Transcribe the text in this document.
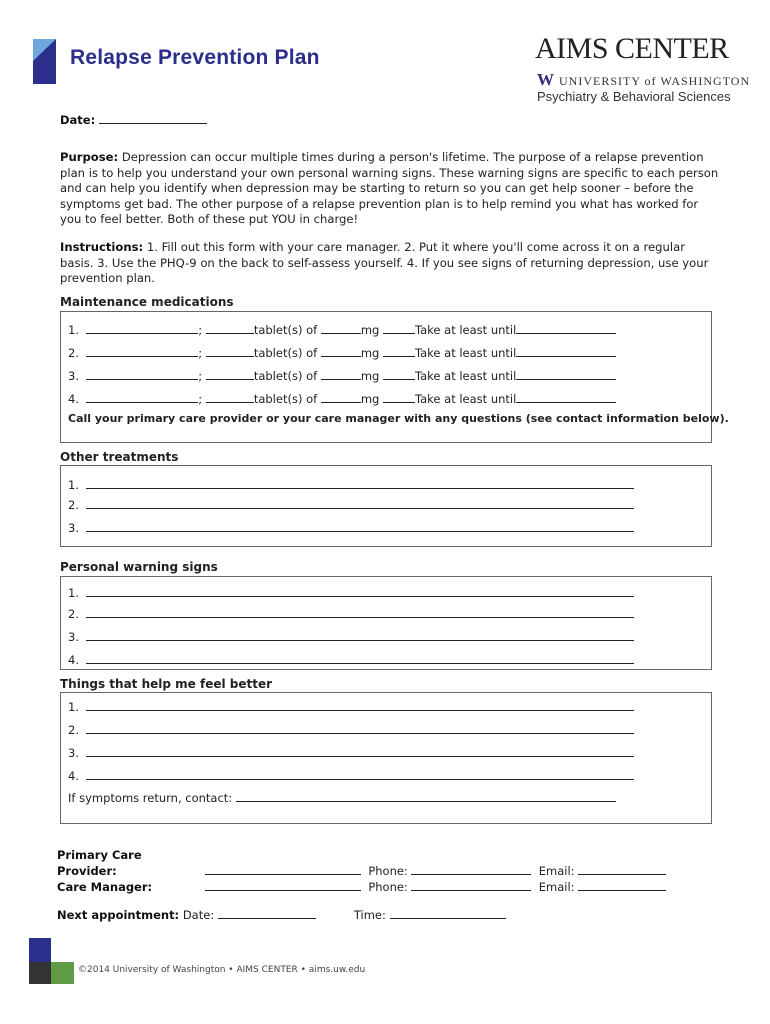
Relapse Prevention Plan	AIMS CENTER
W UNIVERSITY of WASHINGTON
Psychiatry & Behavioral Sciences
Date:
Purpose: Depression can occur multiple times during a person's lifetime. The purpose of a relapse prevention plan is to help you understand your own personal warning signs. These warning signs are specific to each person and can help you identify when depression may be starting to return so you can get help sooner – before the symptoms get bad. The other purpose of a relapse prevention plan is to help remind you what has worked for you to feel better. Both of these put YOU in charge!
Instructions: 1. Fill out this form with your care manager. 2. Put it where you'll come across it on a regular basis. 3. Use the PHQ-9 on the back to self-assess yourself. 4. If you see signs of returning depression, use your prevention plan.
Maintenance medications
Call your primary care provider or your care manager with any questions (see contact information below).
Other treatments
Personal warning signs
Things that help me feel better
If symptoms return, contact:
Primary Care Provider:	Phone:	Email:
Care Manager:	Phone:	Email:
Next appointment: Date:	Time:
©2014 University of Washington • AIMS CENTER • aims.uw.edu
1.	;	tablet(s) of	mg	Take at least until
2.	;	tablet(s) of	mg	Take at least until
3.	;	tablet(s) of	mg	Take at least until
4.	;	tablet(s) of	mg	Take at least until
1.
2.
3.
1.
2.
3.
4.
1.
2.
3.
4.
